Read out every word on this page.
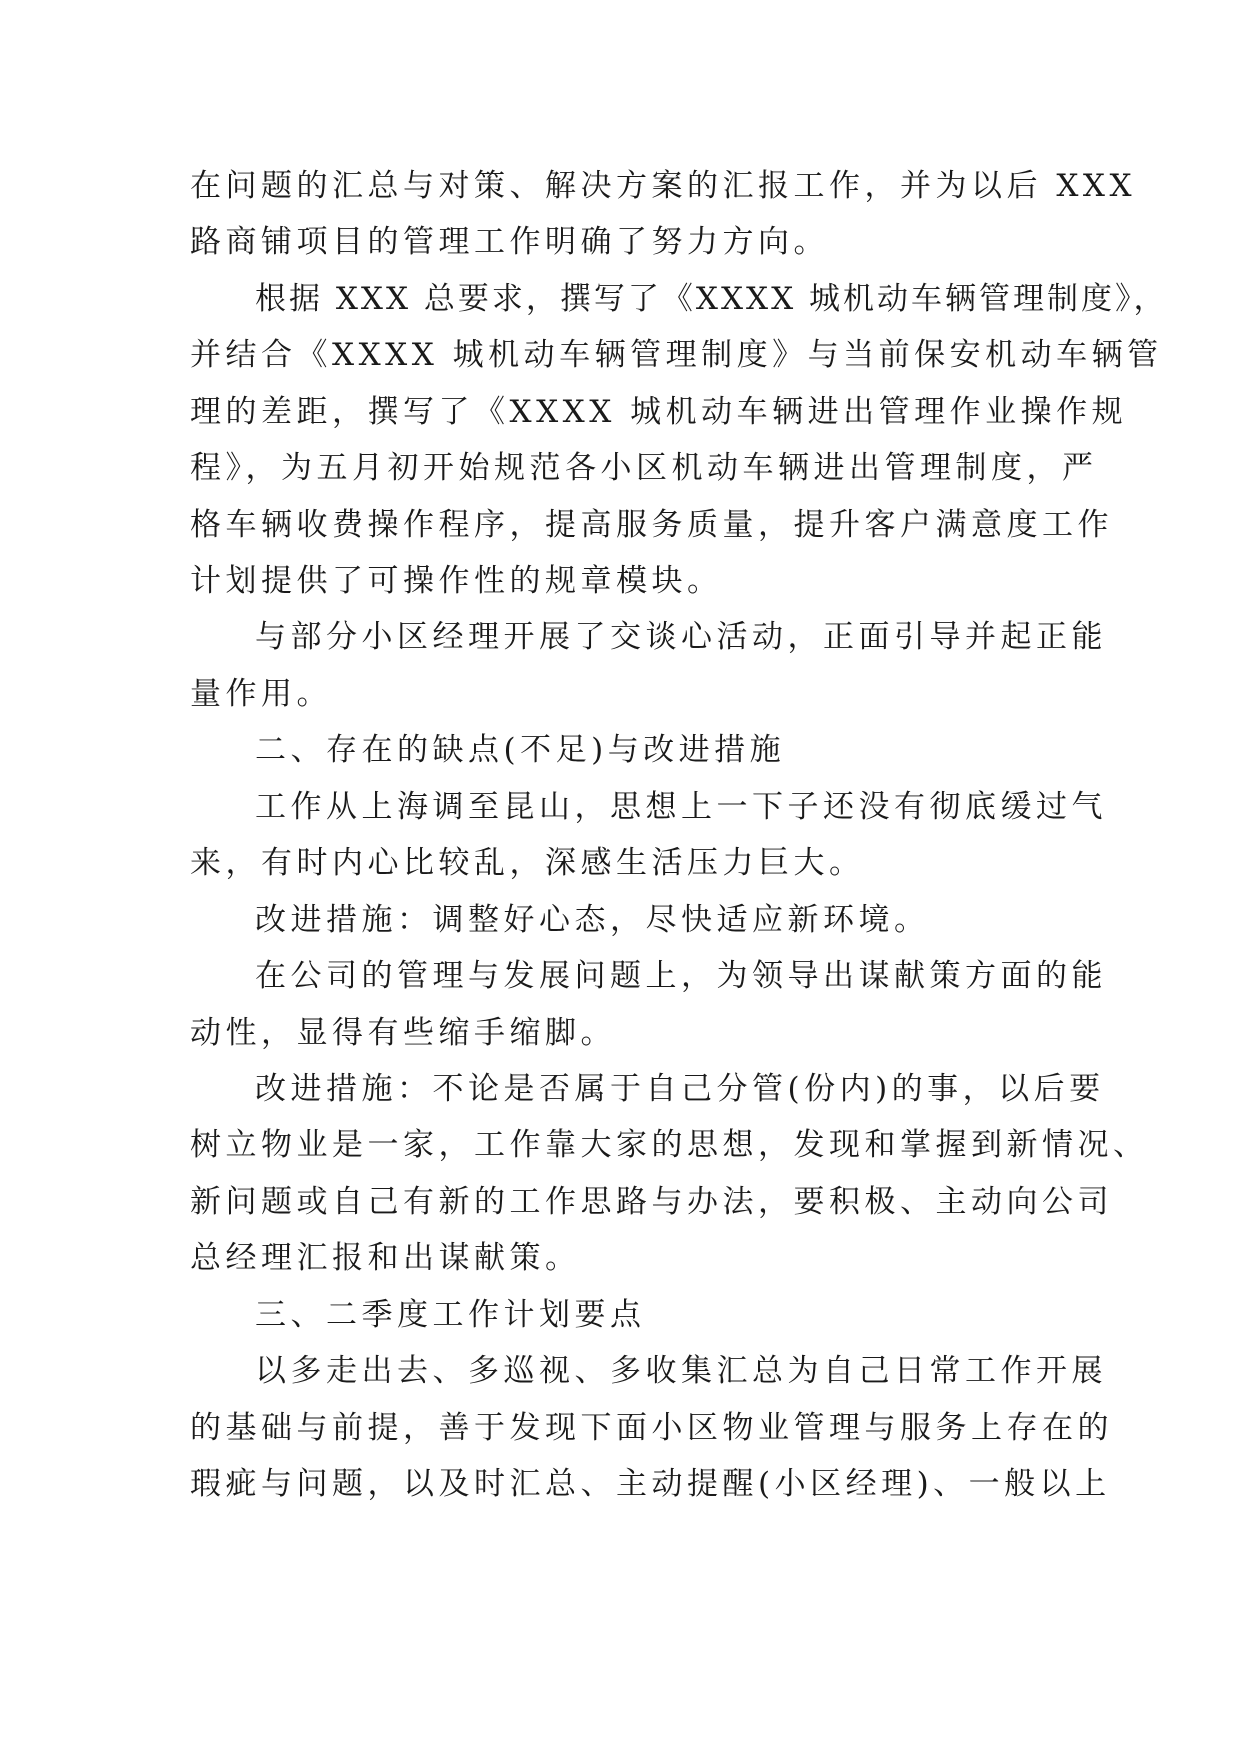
在问题的汇总与对策、解决方案的汇报工作，并为以后 XXX
路商铺项目的管理工作明确了努力方向。
根据 XXX 总要求，撰写了《XXXX 城机动车辆管理制度》，
并结合《XXXX 城机动车辆管理制度》与当前保安机动车辆管
理的差距，撰写了《XXXX 城机动车辆进出管理作业操作规
程》，为五月初开始规范各小区机动车辆进出管理制度，严
格车辆收费操作程序，提高服务质量，提升客户满意度工作
计划提供了可操作性的规章模块。
与部分小区经理开展了交谈心活动，正面引导并起正能
量作用。
二、存在的缺点(不足)与改进措施
工作从上海调至昆山，思想上一下子还没有彻底缓过气
来，有时内心比较乱，深感生活压力巨大。
改进措施：调整好心态，尽快适应新环境。
在公司的管理与发展问题上，为领导出谋献策方面的能
动性，显得有些缩手缩脚。
改进措施：不论是否属于自己分管(份内)的事，以后要
树立物业是一家，工作靠大家的思想，发现和掌握到新情况、
新问题或自己有新的工作思路与办法，要积极、主动向公司
总经理汇报和出谋献策。
三、二季度工作计划要点
以多走出去、多巡视、多收集汇总为自己日常工作开展
的基础与前提，善于发现下面小区物业管理与服务上存在的
瑕疵与问题，以及时汇总、主动提醒(小区经理)、一般以上
